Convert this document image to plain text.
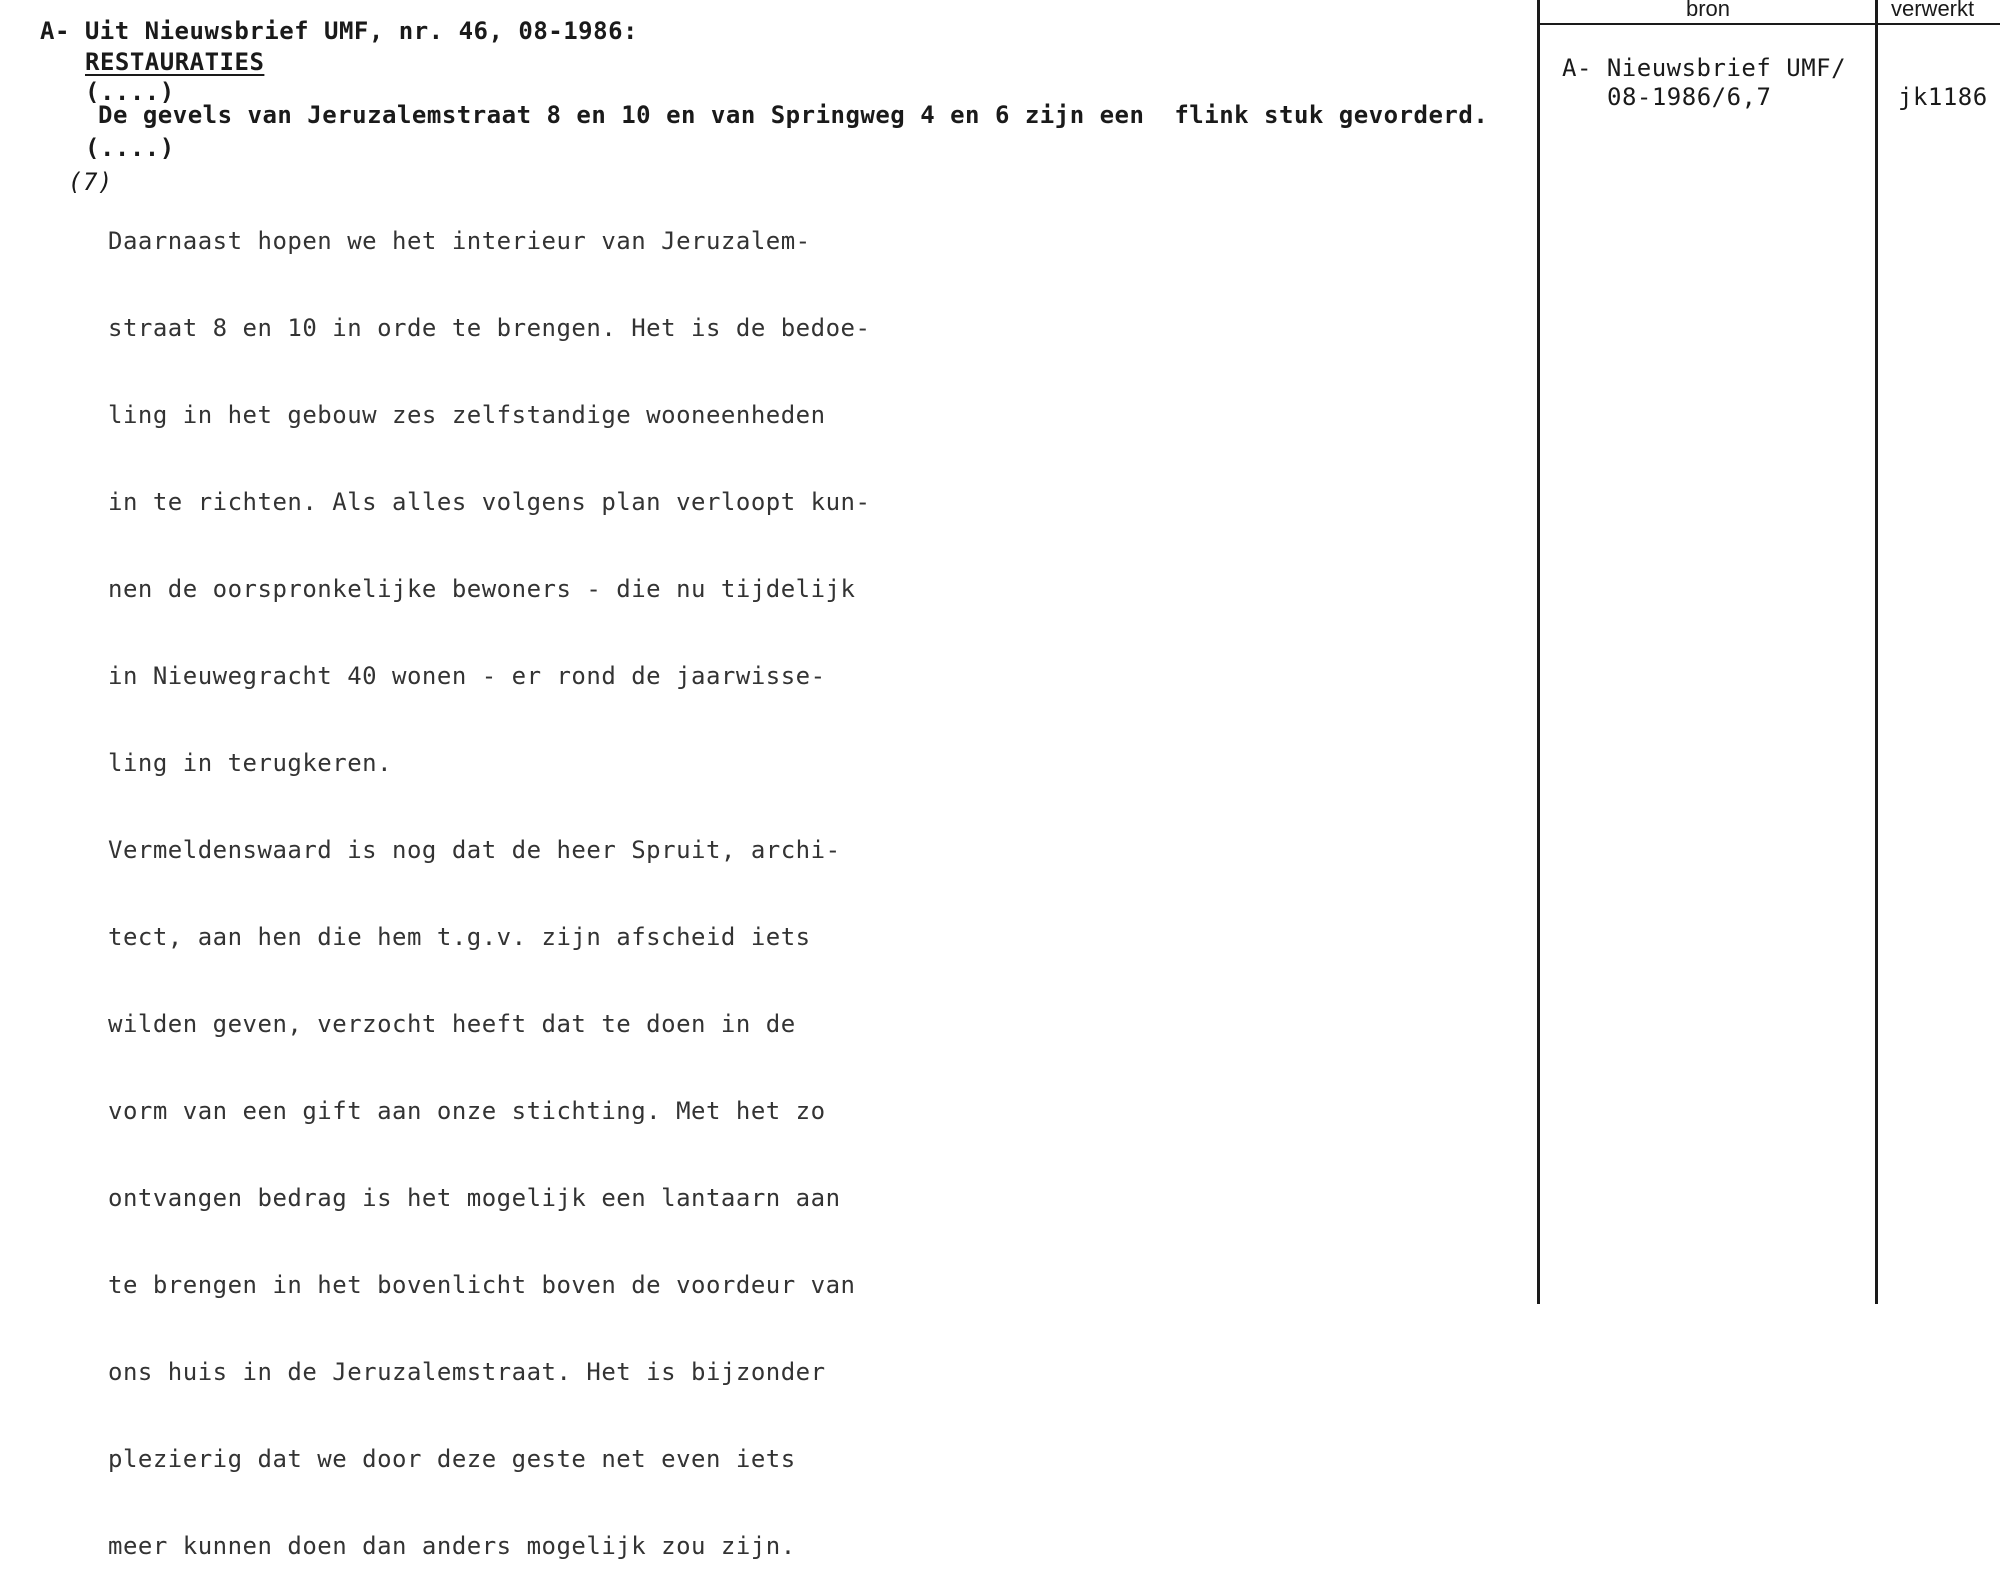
bron	verwerkt
A- Uit Nieuwsbrief UMF, nr. 46, 08-1986:
RESTAURATIES
(....)
De gevels van Jeruzalemstraat 8 en 10 en van Springweg 4 en 6 zijn een  flink stuk gevorderd.
(....)
(7)

Daarnaast hopen we het interieur van Jeruzalem-

straat 8 en 10 in orde te brengen. Het is de bedoe-

ling in het gebouw zes zelfstandige wooneenheden

in te richten. Als alles volgens plan verloopt kun-

nen de oorspronkelijke bewoners - die nu tijdelijk

in Nieuwegracht 40 wonen - er rond de jaarwisse-

ling in terugkeren.

Vermeldenswaard is nog dat de heer Spruit, archi-

tect, aan hen die hem t.g.v. zijn afscheid iets

wilden geven, verzocht heeft dat te doen in de

vorm van een gift aan onze stichting. Met het zo

ontvangen bedrag is het mogelijk een lantaarn aan

te brengen in het bovenlicht boven de voordeur van

ons huis in de Jeruzalemstraat. Het is bijzonder

plezierig dat we door deze geste net even iets

meer kunnen doen dan anders mogelijk zou zijn.

A- Nieuwsbrief UMF/
08-1986/6,7	jk1186
